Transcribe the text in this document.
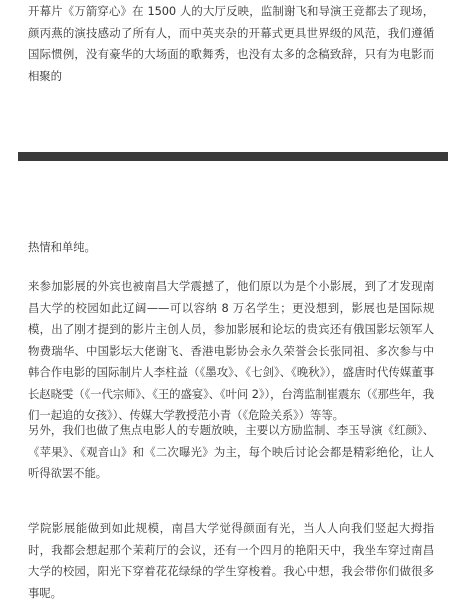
开幕片《万箭穿心》在 1500 人的大厅反映，监制谢飞和导演王竞都去了现场，颜丙燕的演技感动了所有人，而中英夹杂的开幕式更具世界级的风范，我们遵循国际惯例，没有豪华的大场面的歌舞秀，也没有太多的念稿致辞，只有为电影而相聚的

热情和单纯。

来参加影展的外宾也被南昌大学震撼了，他们原以为是个小影展，到了才发现南昌大学的校园如此辽阔——可以容纳 8 万名学生；更没想到，影展也是国际规模，出了刚才提到的影片主创人员，参加影展和论坛的贵宾还有俄国影坛领军人物费瑞华、中国影坛大佬谢飞、香港电影协会永久荣誉会长张同祖、多次参与中韩合作电影的国际制片人李柱益（《墨攻》、《七剑》、《晚秋》），盛唐时代传媒董事长赵晓雯（《一代宗师》、《王的盛宴》、《叶问 2》），台湾监制崔震东（《那些年，我们一起追的女孩》）、传媒大学教授范小青（《危险关系》）等等。

另外，我们也做了焦点电影人的专题放映，主要以方励监制、李玉导演《红颜》、《苹果》、《观音山》和《二次曝光》为主，每个映后讨论会都是精彩绝伦，让人听得欲罢不能。

学院影展能做到如此规模，南昌大学觉得颜面有光，当人人向我们竖起大拇指时，我都会想起那个茉莉厅的会议，还有一个四月的艳阳天中，我坐车穿过南昌大学的校园，阳光下穿着花花绿绿的学生穿梭着。我心中想，我会带你们做很多事呢。
